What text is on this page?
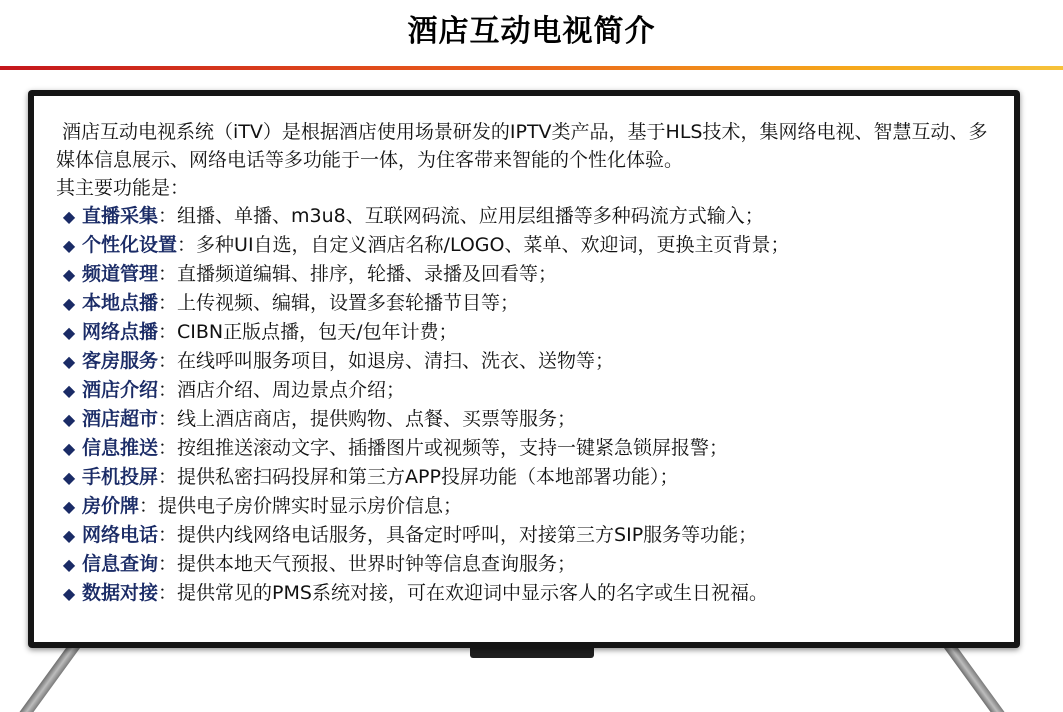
酒店互动电视简介

酒店互动电视系统（iTV）是根据酒店使用场景研发的IPTV类产品，基于HLS技术，集网络电视、智慧互动、多媒体信息展示、网络电话等多功能于一体，为住客带来智能的个性化体验。

其主要功能是：

◆ 直播采集：组播、单播、m3u8、互联网码流、应用层组播等多种码流方式输入；
◆ 个性化设置：多种UI自选，自定义酒店名称/LOGO、菜单、欢迎词，更换主页背景；
◆ 频道管理：直播频道编辑、排序，轮播、录播及回看等；
◆ 本地点播：上传视频、编辑，设置多套轮播节目等；
◆ 网络点播：CIBN正版点播，包天/包年计费；
◆ 客房服务：在线呼叫服务项目，如退房、清扫、洗衣、送物等；
◆ 酒店介绍：酒店介绍、周边景点介绍；
◆ 酒店超市：线上酒店商店，提供购物、点餐、买票等服务；
◆ 信息推送：按组推送滚动文字、插播图片或视频等，支持一键紧急锁屏报警；
◆ 手机投屏：提供私密扫码投屏和第三方APP投屏功能（本地部署功能）；
◆ 房价牌：提供电子房价牌实时显示房价信息；
◆ 网络电话：提供内线网络电话服务，具备定时呼叫，对接第三方SIP服务等功能；
◆ 信息查询：提供本地天气预报、世界时钟等信息查询服务；
◆ 数据对接：提供常见的PMS系统对接，可在欢迎词中显示客人的名字或生日祝福。
